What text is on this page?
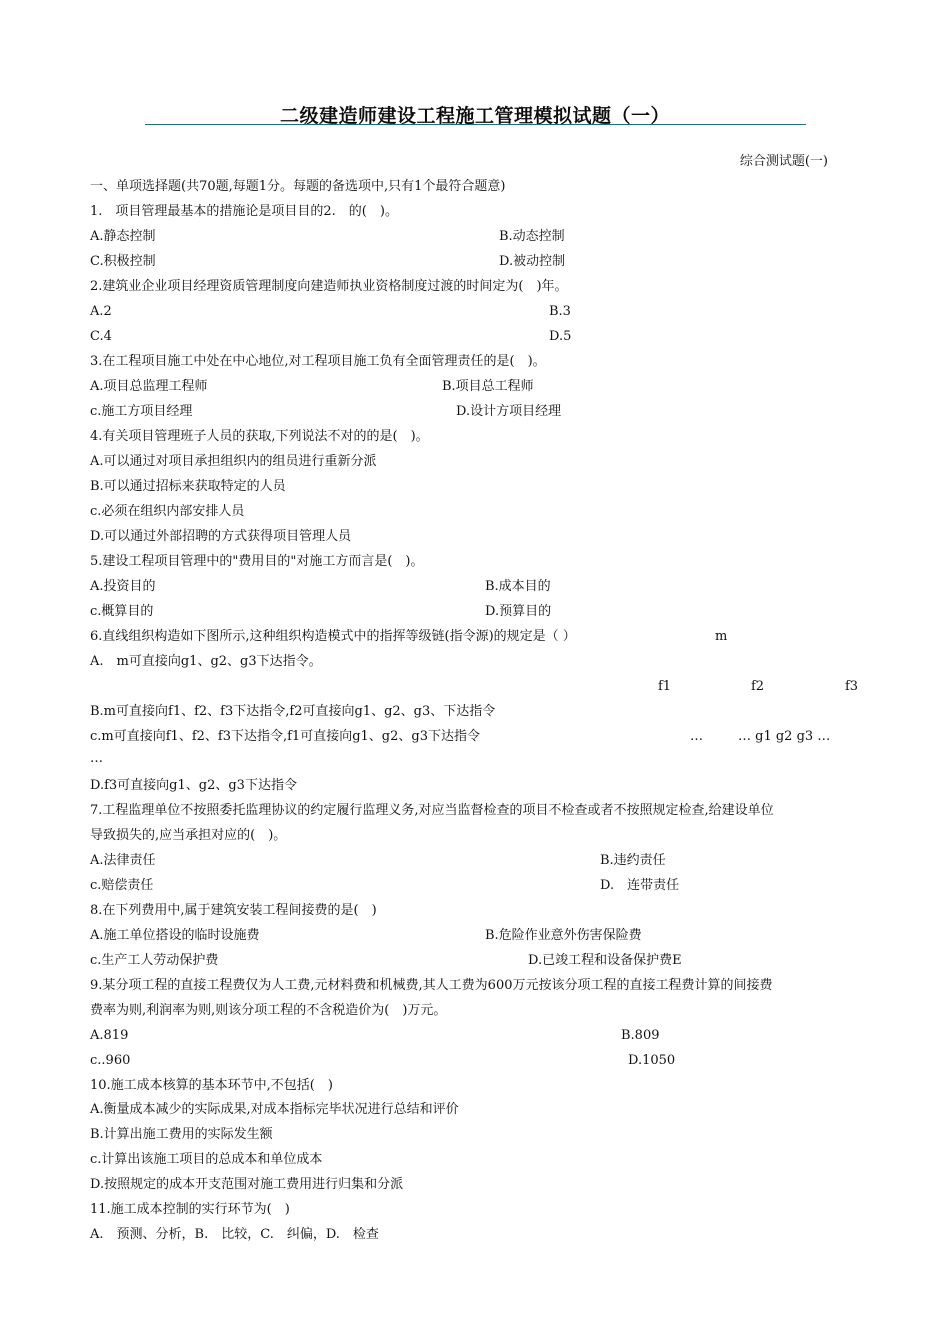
二级建造师建设工程施工管理模拟试题（一）
综合测试题(一)
一、单项选择题(共70题,每题1分。每题的备选项中,只有1个最符合题意)
1.　项目管理最基本的措施论是项目目的2.　的(　)。
A.静态控制	B.动态控制
C.积极控制	D.被动控制
2.建筑业企业项目经理资质管理制度向建造师执业资格制度过渡的时间定为(　)年。
A.2	B.3
C.4	D.5
3.在工程项目施工中处在中心地位,对工程项目施工负有全面管理责任的是(　)。
A.项目总监理工程师	B.项目总工程师
c.施工方项目经理	D.设计方项目经理
4.有关项目管理班子人员的获取,下列说法不对的的是(　)。
A.可以通过对项目承担组织内的组员进行重新分派
B.可以通过招标来获取特定的人员
c.必须在组织内部安排人员
D.可以通过外部招聘的方式获得项目管理人员
5.建设工程项目管理中的"费用目的"对施工方而言是(　)。
A.投资目的	B.成本目的
c.概算目的	D.预算目的
6.直线组织构造如下图所示,这种组织构造模式中的指挥等级链(指令源)的规定是（ ）	m
A.　m可直接向g1、g2、g3下达指令。
f1	f2	f3
B.m可直接向f1、f2、f3下达指令,f2可直接向g1、g2、g3、下达指令
c.m可直接向f1、f2、f3下达指令,f1可直接向g1、g2、g3下达指令	…	… g1 g2 g3 …
…
D.f3可直接向g1、g2、g3下达指令
7.工程监理单位不按照委托监理协议的约定履行监理义务,对应当监督检查的项目不检查或者不按照规定检查,给建设单位
导致损失的,应当承担对应的(　)。
A.法律责任	B.违约责任
c.赔偿责任	D.　连带责任
8.在下列费用中,属于建筑安装工程间接费的是(　)
A.施工单位搭设的临时设施费	B.危险作业意外伤害保险费
c.生产工人劳动保护费	D.已竣工程和设备保护费E
9.某分项工程的直接工程费仅为人工费,元材料费和机械费,其人工费为600万元按该分项工程的直接工程费计算的间接费
费率为则,利润率为则,则该分项工程的不含税造价为(　)万元。
A.819	B.809
c..960	D.1050
10.施工成本核算的基本环节中,不包括(　)
A.衡量成本减少的实际成果,对成本指标完毕状况进行总结和评价
B.计算出施工费用的实际发生额
c.计算出该施工项目的总成本和单位成本
D.按照规定的成本开支范围对施工费用进行归集和分派
11.施工成本控制的实行环节为(　)
A.　预测、分析，B.　比较，C.　纠偏，D.　检查
